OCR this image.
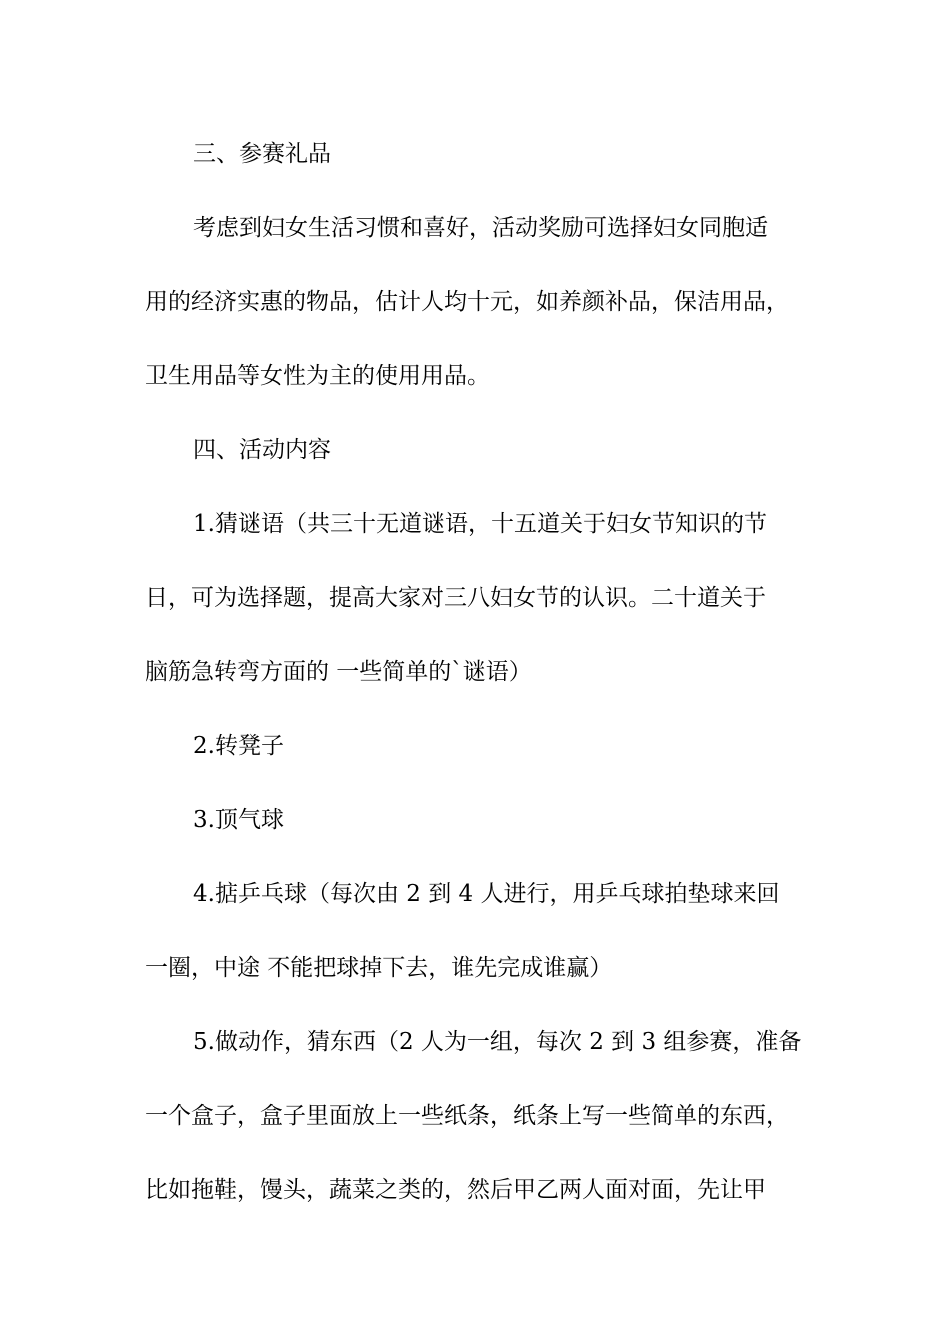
三、参赛礼品
考虑到妇女生活习惯和喜好，活动奖励可选择妇女同胞适
用的经济实惠的物品，估计人均十元，如养颜补品，保洁用品，
卫生用品等女性为主的使用用品。
四、活动内容
1.猜谜语（共三十无道谜语，十五道关于妇女节知识的节
日，可为选择题，提高大家对三八妇女节的认识。二十道关于
脑筋急转弯方面的 一些简单的`谜语）
2.转凳子
3.顶气球
4.掂乒乓球（每次由 2 到 4 人进行，用乒乓球拍垫球来回
一圈，中途 不能把球掉下去，谁先完成谁赢）
5.做动作，猜东西（2 人为一组，每次 2 到 3 组参赛，准备
一个盒子，盒子里面放上一些纸条，纸条上写一些简单的东西，
比如拖鞋，馒头，蔬菜之类的，然后甲乙两人面对面，先让甲
